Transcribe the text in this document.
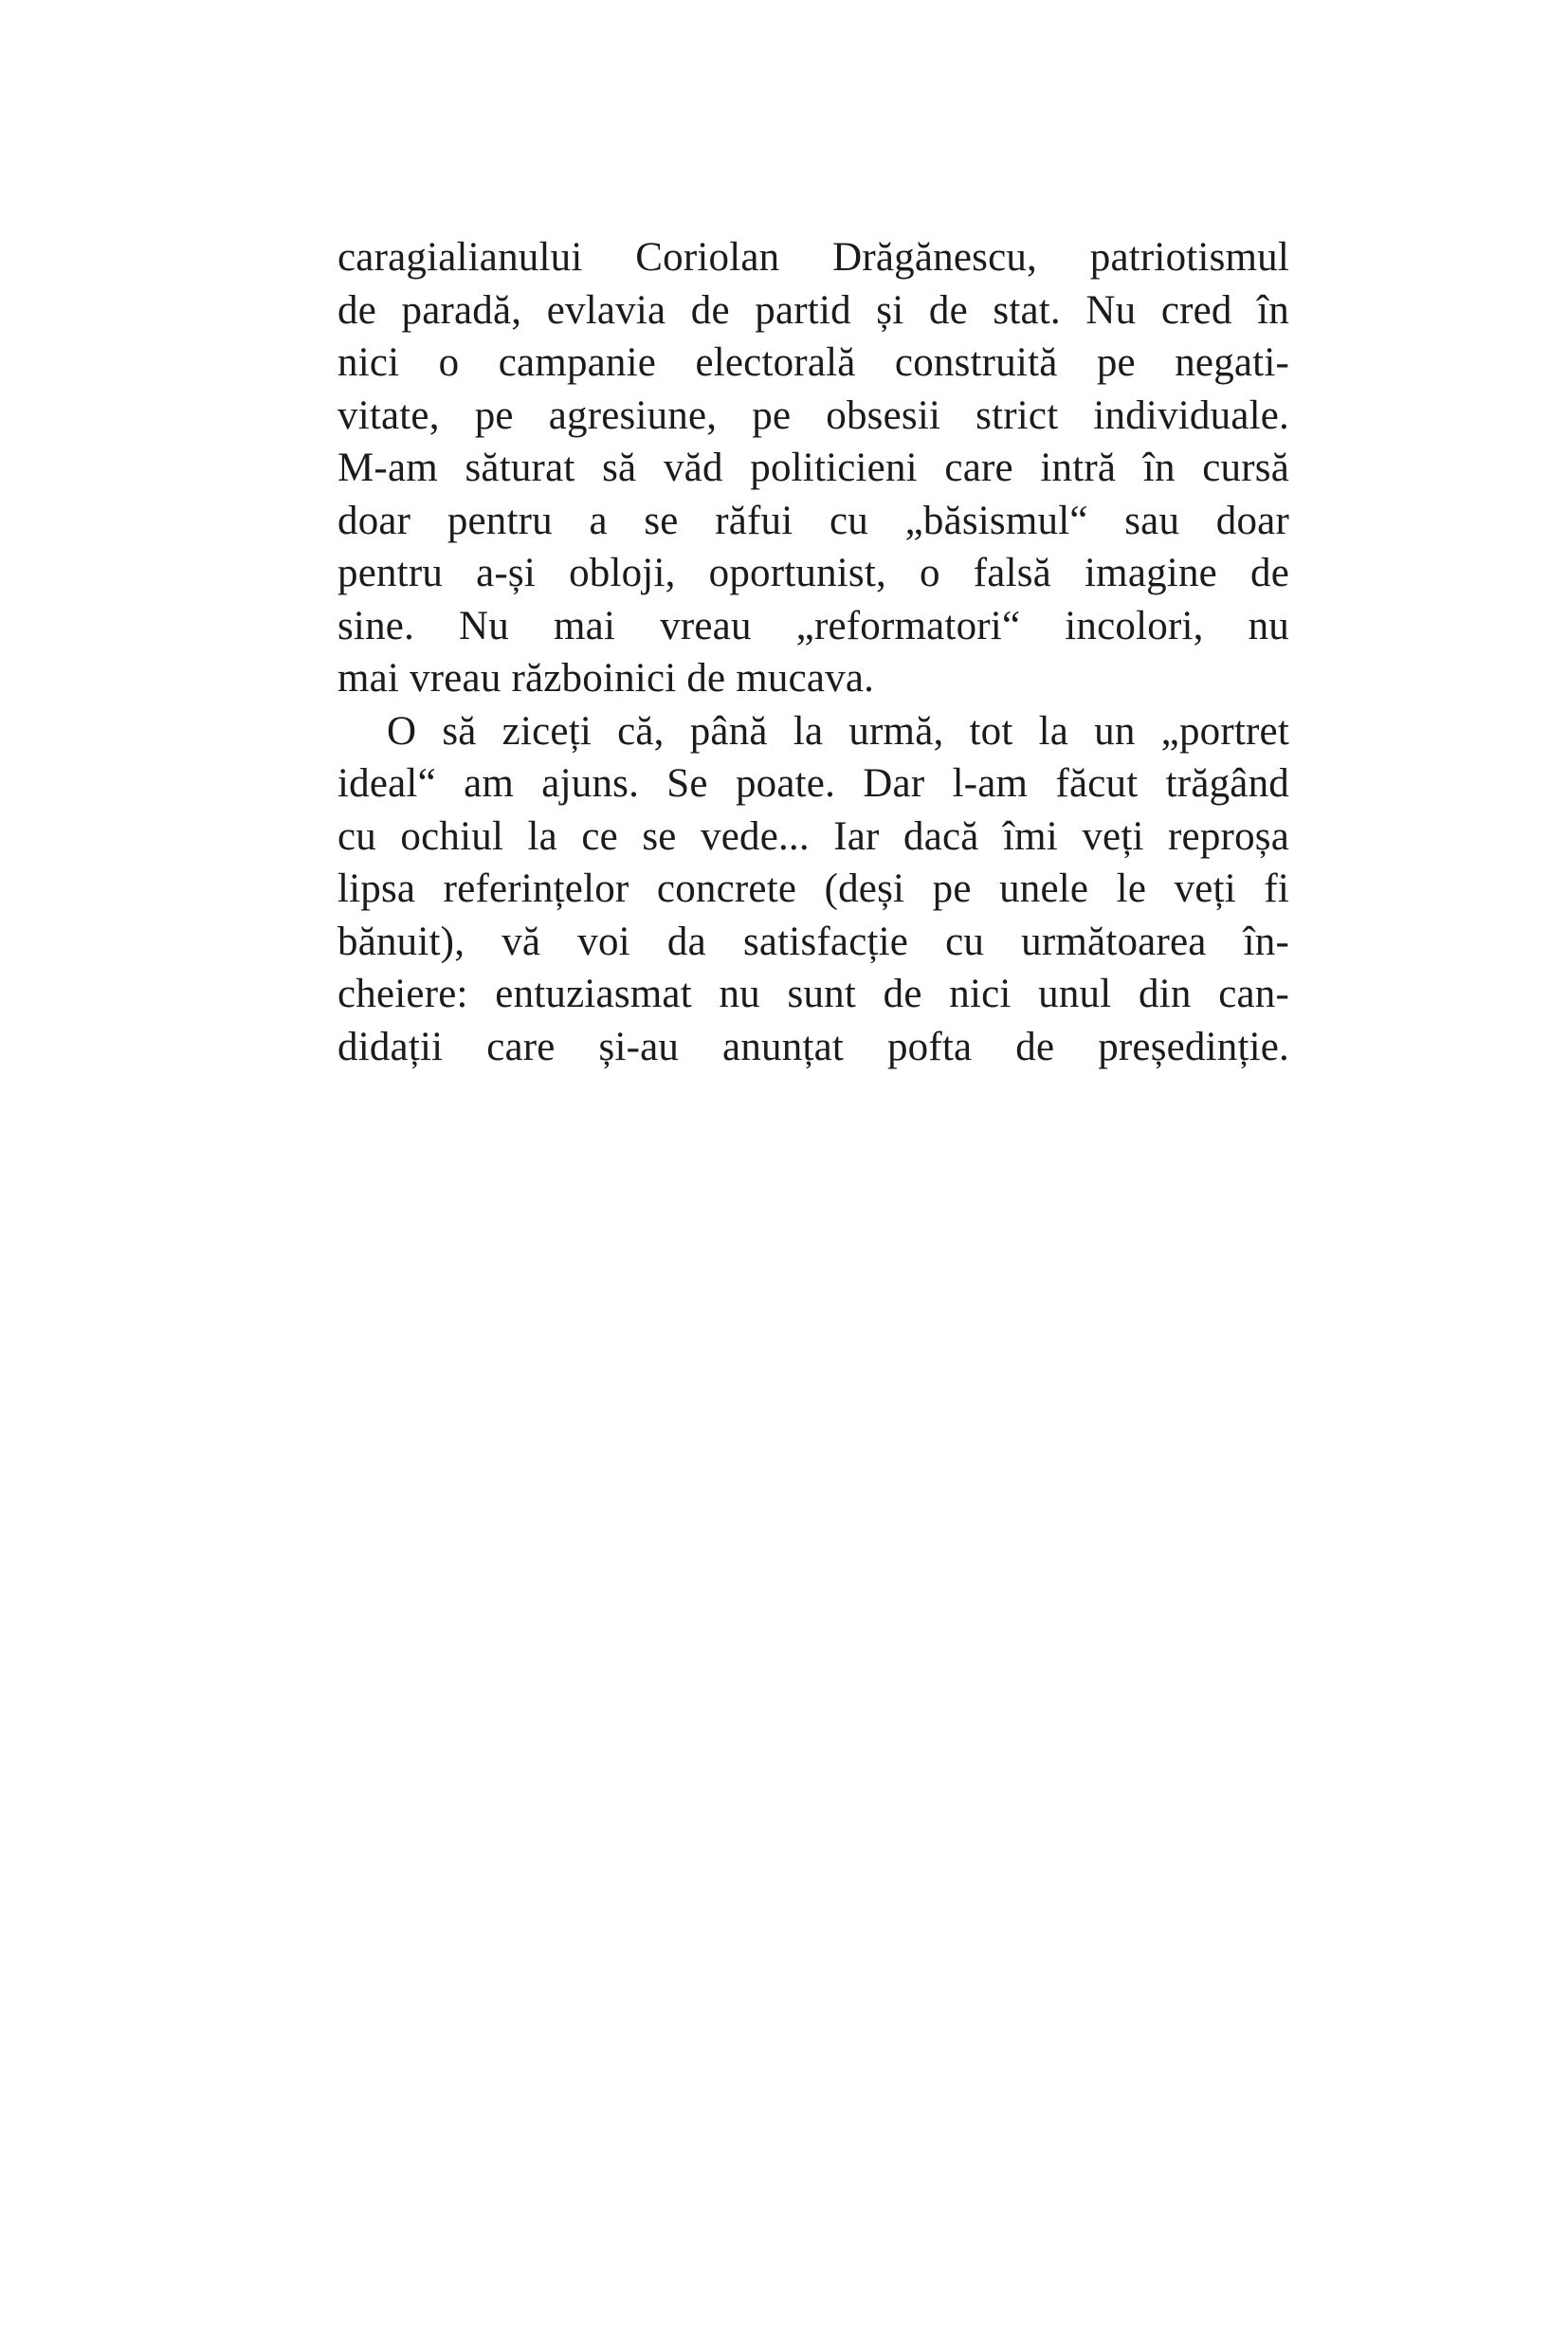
caragialianului Coriolan Drăgănescu, patriotismul
de paradă, evlavia de partid și de stat. Nu cred în
nici o campanie electorală construită pe negati-
vitate, pe agresiune, pe obsesii strict individuale.
M-am săturat să văd politicieni care intră în cursă
doar pentru a se răfui cu „băsismul“ sau doar
pentru a-și obloji, oportunist, o falsă imagine de
sine. Nu mai vreau „reformatori“ incolori, nu
mai vreau războinici de mucava.
O să ziceți că, până la urmă, tot la un „portret
ideal“ am ajuns. Se poate. Dar l-am făcut trăgând
cu ochiul la ce se vede... Iar dacă îmi veți reproșa
lipsa referințelor concrete (deși pe unele le veți fi
bănuit), vă voi da satisfacție cu următoarea în-
cheiere: entuziasmat nu sunt de nici unul din can-
didații care și-au anunțat pofta de președinție.
